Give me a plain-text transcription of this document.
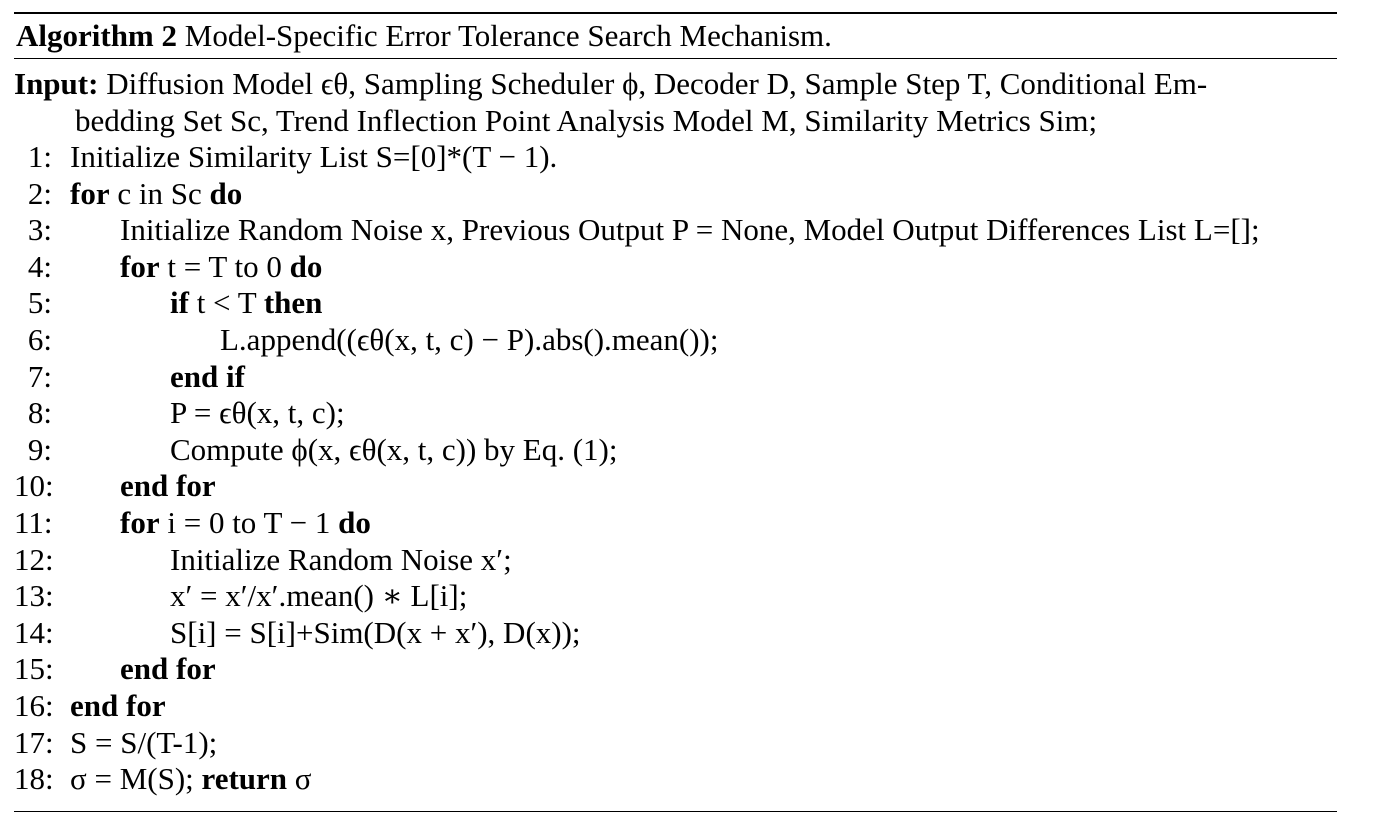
Algorithm 2 Model-Specific Error Tolerance Search Mechanism.
Input: Diffusion Model ϵθ, Sampling Scheduler ϕ, Decoder D, Sample Step T, Conditional Em-
bedding Set Sc, Trend Inflection Point Analysis Model M, Similarity Metrics Sim;
1: Initialize Similarity List S=[0]*(T − 1).
2: for c in Sc do
3: Initialize Random Noise x, Previous Output P = None, Model Output Differences List L=[];
4: for t = T to 0 do
5:	if t < T then
6:	L.append((ϵθ(x, t, c) − P).abs().mean());
7:	end if
8:	P = ϵθ(x, t, c);
9:	Compute ϕ(x, ϵθ(x, t, c)) by Eq. (1);
10: end for
11: for i = 0 to T − 1 do
12:	Initialize Random Noise x′;
13:	x′ = x′/x′.mean() ∗ L[i];
14:	S[i] = S[i]+Sim(D(x + x′), D(x));
15: end for
16: end for
17: S = S/(T-1);
18: σ = M(S); return σ
